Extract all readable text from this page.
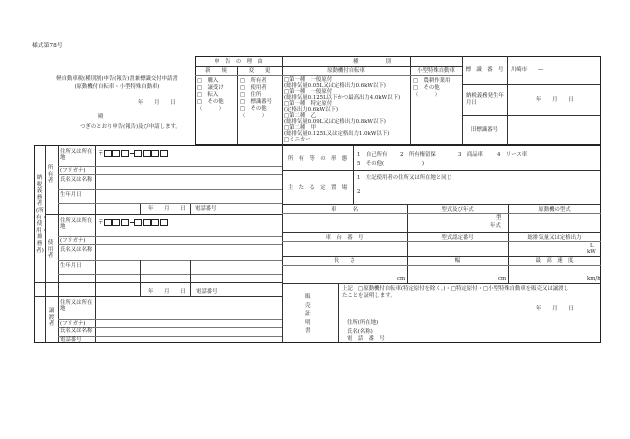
様式第78号
軽自動車税(種別割)申告(報告)書兼標識交付申請書
(原動機付自転車・小型特殊自動車)
年　　月　　日
殿
つぎのとおり申告(報告)及び申請します。
申　告　の　理　由
新　　規	変　　更
□　購入
□　譲受け
□　転入
□　その他
（　　　）
□　所有者
□　使用者
□　住所
□　標識番号
□　その他
（　　　）
種　　　　　別
原動機付自転車	小型特殊自動車
□第一種　一般原付
(総排気量0.05L又は定格出力0.6kW以下)
□第一種　一般原付
(総排気量0.125L以下かつ最高出力4.0kW以下)
□第一種　特定原付
(定格出力0.6kW以下)
□第二種　乙
(総排気量0.09L又は定格出力0.8kW以下)
□第二種　甲
(総排気量0.125L又は定格出力1.0kW以下)
□ミニカー
□　農耕作業用
□　その他
（　　　）
標　識　番　号	川崎市　　—
納税義務発生年月日	年　　月　　日
旧標識番号
納税義務者(所有・使用・兼務者)
所有者
住所又は所在地
〒
(フリガナ)
氏名又は名称
生年月日
年　　月　　日 電話番号
使用者
住所又は所在地
〒
(フリガナ)
氏名又は名称
生年月日
年　　月　　日 電話番号
譲渡者
住所又は所在地
(フリガナ)
氏名又は名称
電話番号
所　有　等　の　形　態
1　自己所有 2　所有権留保	3　商品車	4　リース車
5　その他(　　　　　　　)
主　た　る　定　置　場
1　左記使用者の住所又は所在地と同じ
2
車　　　名	型式及び年式	原動機の型式
型
年式
車　台　番　号	型式認定番号	総排気量又は定格出力
L
kW
長　　さ	幅	最　高　速　度
cm	cm	km/h
販売証明書
上記　□原動機付自転車(特定原付を除く。)・□特定原付・□小型特殊自動車を販売又は譲渡し
たことを証明します。
年　　月　　日
住所(所在地)
氏名(名称)
電　話　番　号
